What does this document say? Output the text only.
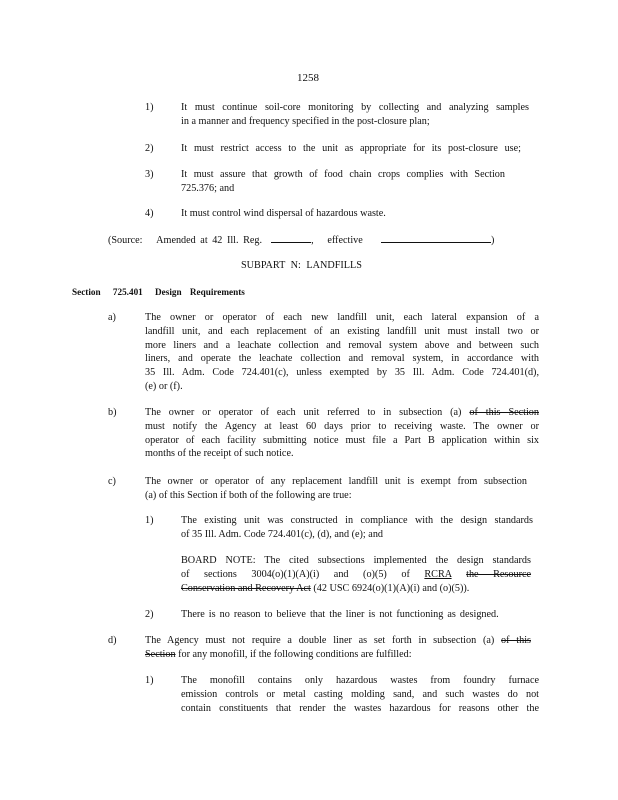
1258
1)	It must continue soil-core monitoring by collecting and analyzing samples
in a manner and frequency specified in the post-closure plan;
2)	It must restrict access to the unit as appropriate for its post-closure use;
3)	It must assure that growth of food chain crops complies with Section
725.376; and
4)	It must control wind dispersal of hazardous waste.
(Source: Amended at 42 Ill. Reg.	, effective	)
SUBPART N: LANDFILLS
Section 725.401 Design Requirements
a)	The owner or operator of each new landfill unit, each lateral expansion of a
landfill unit, and each replacement of an existing landfill unit must install two or
more liners and a leachate collection and removal system above and between such
liners, and operate the leachate collection and removal system, in accordance with
35 Ill. Adm. Code 724.401(c), unless exempted by 35 Ill. Adm. Code 724.401(d),
(e) or (f).
b)	The owner or operator of each unit referred to in subsection (a) of this Section
must notify the Agency at least 60 days prior to receiving waste. The owner or
operator of each facility submitting notice must file a Part B application within six
months of the receipt of such notice.
c)	The owner or operator of any replacement landfill unit is exempt from subsection
(a) of this Section if both of the following are true:
1)	The existing unit was constructed in compliance with the design standards
of 35 Ill. Adm. Code 724.401(c), (d), and (e); and
BOARD NOTE: The cited subsections implemented the design standards
of sections 3004(o)(1)(A)(i) and (o)(5) of RCRA the Resource
Conservation and Recovery Act (42 USC 6924(o)(1)(A)(i) and (o)(5)).
2)	There is no reason to believe that the liner is not functioning as designed.
d)	The Agency must not require a double liner as set forth in subsection (a) of this
Section for any monofill, if the following conditions are fulfilled:
1)	The monofill contains only hazardous wastes from foundry furnace
emission controls or metal casting molding sand, and such wastes do not
contain constituents that render the wastes hazardous for reasons other the
